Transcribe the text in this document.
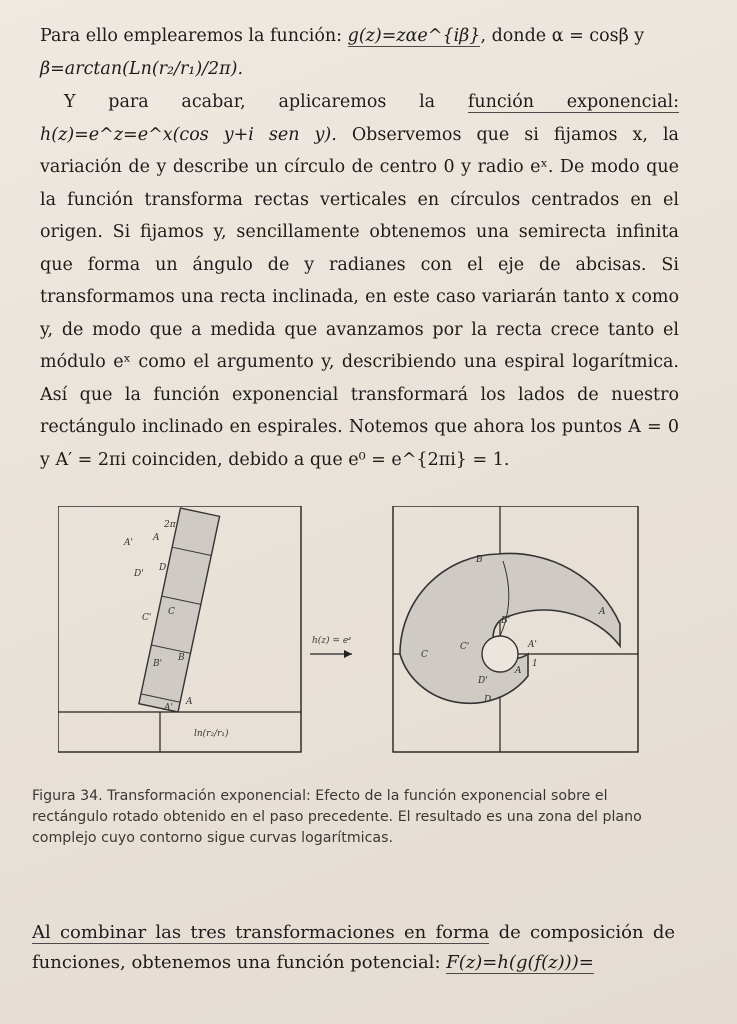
Para ello emplearemos la función: g(z)=zαe^{iβ}, donde α = cosβ y
β=arctan(Ln(r₂/r₁)/2π).
Y para acabar, aplicaremos la función exponencial: h(z)=e^z=e^x(cos y+i sen y). Observemos que si fijamos x, la variación de y describe un círculo de centro 0 y radio eˣ. De modo que la función transforma rectas verticales en círculos centrados en el origen. Si fijamos y, sencillamente obtenemos una semirecta infinita que forma un ángulo de y radianes con el eje de abcisas. Si transformamos una recta inclinada, en este caso variarán tanto x como y, de modo que a medida que avanzamos por la recta crece tanto el módulo eˣ como el argumento y, describiendo una espiral logarítmica. Así que la función exponencial transformará los lados de nuestro rectángulo inclinado en espirales. Notemos que ahora los puntos A = 0 y A′ = 2πi coinciden, debido a que e⁰ = e^{2πi} = 1.
2π
A' A
D'
D
C'
C
B'
B
A'
A
ln(r₂/r₁)
h(z) = eᶻ
B
B'
A
C
C'	A'
A
1
D'
D
Figura 34. Transformación exponencial: Efecto de la función exponencial sobre el rectángulo rotado obtenido en el paso precedente. El resultado es una zona del plano complejo cuyo contorno sigue curvas logarítmicas.
Al combinar las tres transformaciones en forma de composición de funciones, obtenemos una función potencial: F(z)=h(g(f(z)))=
